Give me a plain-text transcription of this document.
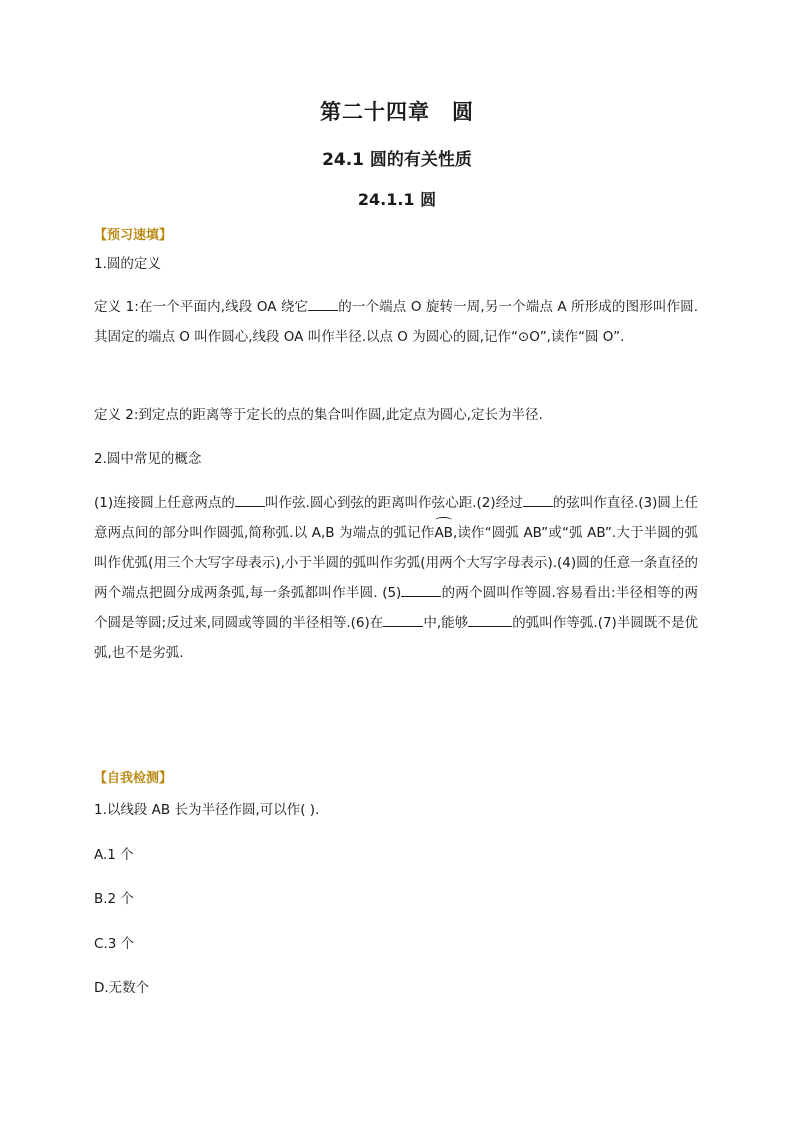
第二十四章　圆
24.1 圆的有关性质
24.1.1 圆
【预习速填】
1.圆的定义
定义 1:在一个平面内,线段 OA 绕它 的一个端点 O 旋转一周,另一个端点 A 所形成的图形叫作圆.其固定的端点 O 叫作圆心,线段 OA 叫作半径.以点 O 为圆心的圆,记作“⊙O”,读作“圆 O”.
定义 2:到定点的距离等于定长的点的集合叫作圆,此定点为圆心,定长为半径.
2.圆中常见的概念
(1)连接圆上任意两点的 叫作弦.圆心到弦的距离叫作弦心距.(2)经过 的弦叫作直径.(3)圆上任意两点间的部分叫作圆弧,简称弧.以 A,B 为端点的弧记作AB,读作“圆弧 AB”或“弧 AB”.大于半圆的弧叫作优弧(用三个大写字母表示),小于半圆的弧叫作劣弧(用两个大写字母表示).(4)圆的任意一条直径的两个端点把圆分成两条弧,每一条弧都叫作半圆. (5)	的两个圆叫作等圆.容易看出:半径相等的两个圆是等圆;反过来,同圆或等圆的半径相等.(6)在	中,能够	的弧叫作等弧.(7)半圆既不是优弧,也不是劣弧.
【自我检测】
1.以线段 AB 长为半径作圆,可以作( ).
A.1 个
B.2 个
C.3 个
D.无数个
